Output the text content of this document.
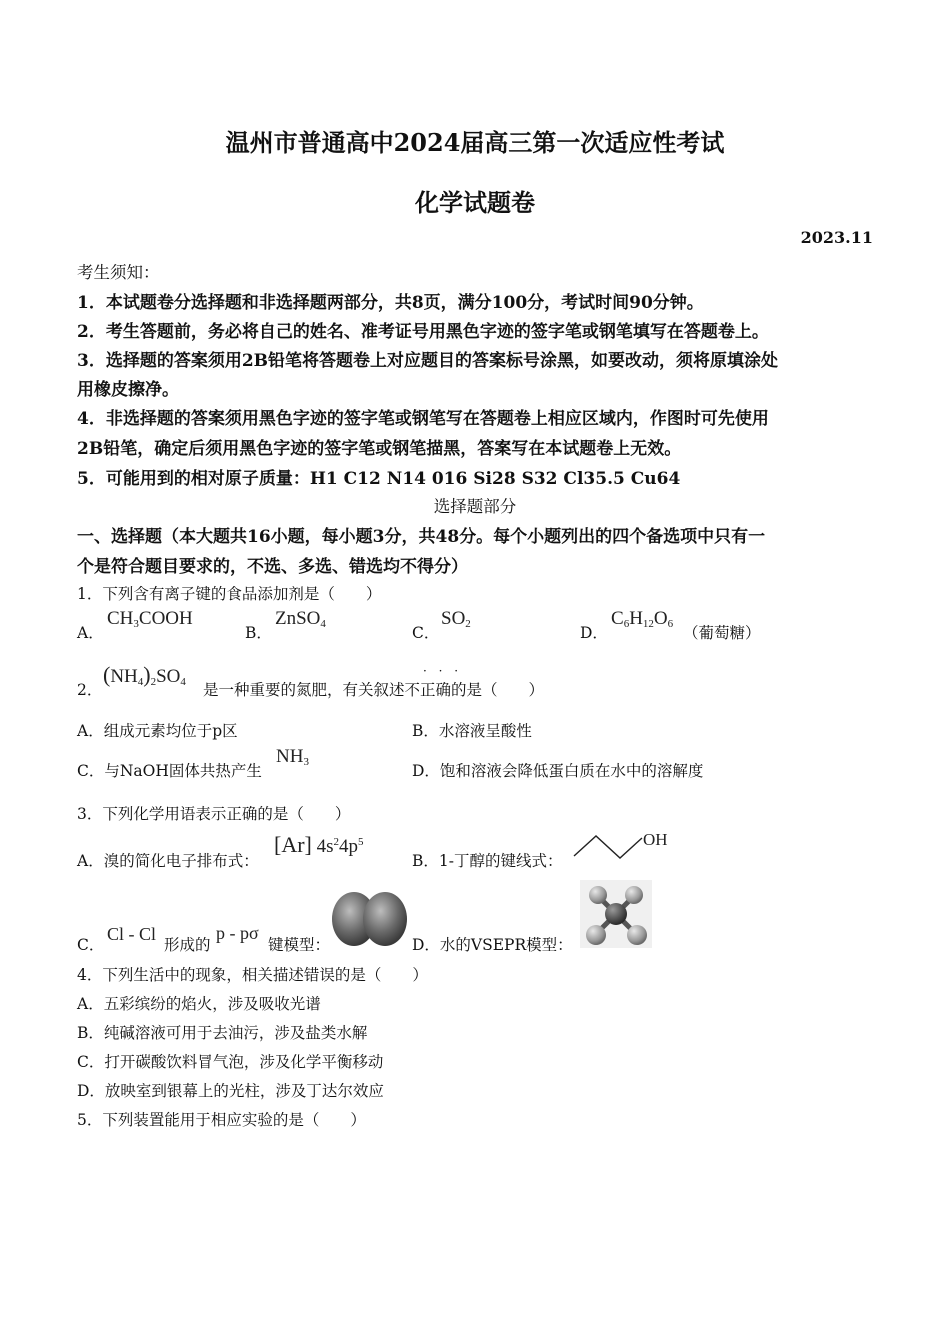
温州市普通高中2024届高三第一次适应性考试
化学试题卷
2023.11
考生须知：
1．本试题卷分选择题和非选择题两部分，共8页，满分100分，考试时间90分钟。
2．考生答题前，务必将自己的姓名、准考证号用黑色字迹的签字笔或钢笔填写在答题卷上。
3．选择题的答案须用2B铅笔将答题卷上对应题目的答案标号涂黑，如要改动，须将原填涂处
用橡皮擦净。
4．非选择题的答案须用黑色字迹的签字笔或钢笔写在答题卷上相应区域内，作图时可先使用
2B铅笔，确定后须用黑色字迹的签字笔或钢笔描黑，答案写在本试题卷上无效。
5．可能用到的相对原子质量：H1 C12 N14 016 Si28 S32 Cl35.5 Cu64
选择题部分
一、选择题（本大题共16小题，每小题3分，共48分。每个小题列出的四个备选项中只有一
个是符合题目要求的，不选、多选、错选均不得分）
1．下列含有离子键的食品添加剂是（　　）
A．
$CH_3COOH$
B．
ZnSO$_4$	C．
$SO_2$	D．
$C_6H_{12}O_6$ （葡萄糖）
2．
$(NH_4)_2SO_4$ 是一种重要的氮肥，有关叙述不正确的是（　　）
· · ·
A．组成元素均位于p区	B．水溶液呈酸性
C．与NaOH固体共热产生
$NH_3$	D．饱和溶液会降低蛋白质在水中的溶解度
3．下列化学用语表示正确的是（　　）
A．溴的简化电子排布式：
[Ar] $4s^24p^5$
B．1-丁醇的键线式：
OH
C．
Cl - Cl
形成的
p - pσ
键模型：	D．水的VSEPR模型：
4．下列生活中的现象，相关描述错误的是（　　）
A．五彩缤纷的焰火，涉及吸收光谱
B．纯碱溶液可用于去油污，涉及盐类水解
C．打开碳酸饮料冒气泡，涉及化学平衡移动
D．放映室到银幕上的光柱，涉及丁达尔效应
5．下列装置能用于相应实验的是（　　）
